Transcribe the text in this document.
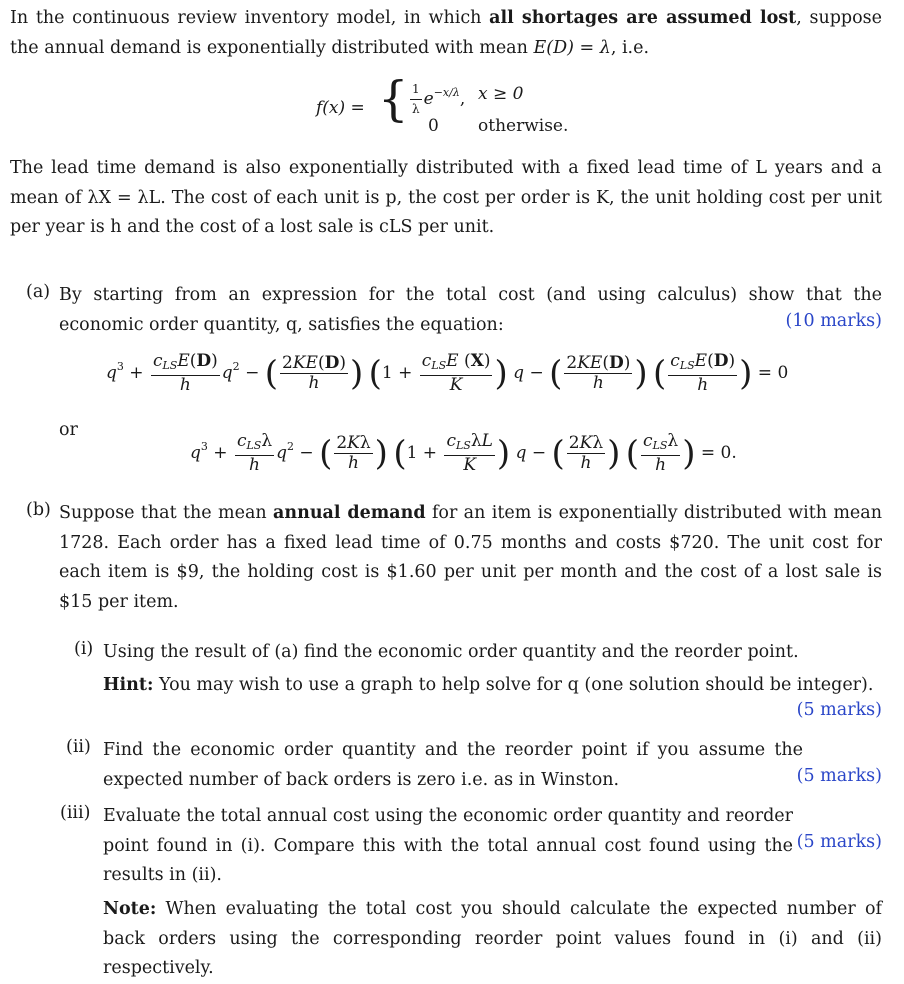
In the continuous review inventory model, in which all shortages are assumed lost, suppose the annual demand is exponentially distributed with mean E(D) = λ, i.e.
f(x) = { $\frac{1}{\lambda} e^{-x/\lambda}$, x ≥ 0
0 otherwise.
The lead time demand is also exponentially distributed with a fixed lead time of L years and a mean of λX = λL. The cost of each unit is p, the cost per order is K, the unit holding cost per unit per year is h and the cost of a lost sale is cLS per unit.
(a) By starting from an expression for the total cost (and using calculus) show that the economic order quantity, q, satisfies the equation:	(10 marks)
$q^3 + \frac{c_{LS}E(D)}{h} q^2$ − ( $\frac{2KE(D)}{h}$ ) ($1 + \frac{c_{LS}E (X)}{K}$ ) q − ( $\frac{2KE(D)}{h}$ ) ( $\frac{c_{LS}E(D)}{h}$ ) = 0
or
$q^3 + \frac{c_{LS}\lambda}{h} q^2$ − ( $\frac{2K\lambda}{h}$ ) ($1 + \frac{c_{LS}\lambda L}{K}$ ) q − ( $\frac{2K\lambda}{h}$ ) ( $\frac{c_{LS}\lambda}{h}$ ) = 0.
(b) Suppose that the mean annual demand for an item is exponentially distributed with mean 1728. Each order has a fixed lead time of 0.75 months and costs $720. The unit cost for each item is $9, the holding cost is $1.60 per unit per month and the cost of a lost sale is $15 per item.
(i) Using the result of (a) find the economic order quantity and the reorder point.
Hint: You may wish to use a graph to help solve for q (one solution should be integer).
(5 marks)
(ii) Find the economic order quantity and the reorder point if you assume the expected number of back orders is zero i.e. as in Winston.	(5 marks)
(iii) Evaluate the total annual cost using the economic order quantity and reorder point found in (i). Compare this with the total annual cost found using the results in (ii).
(5 marks)
Note: When evaluating the total cost you should calculate the expected number of back orders using the corresponding reorder point values found in (i) and (ii) respectively.
